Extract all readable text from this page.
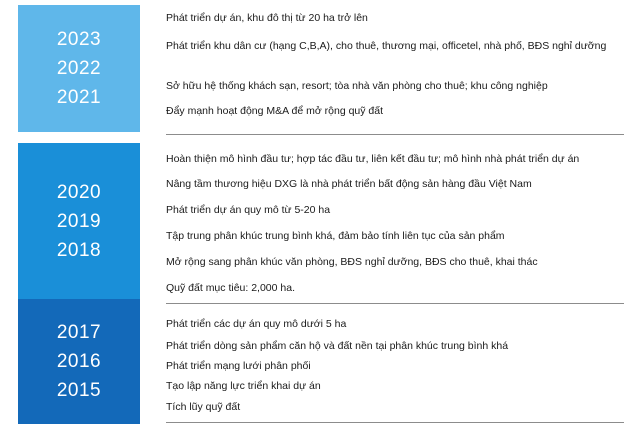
2023
2022
2021
Phát triển dự án, khu đô thị từ 20 ha trở lên
Phát triển khu dân cư (hạng C,B,A), cho thuê, thương mại, officetel, nhà phố, BĐS nghỉ dưỡng
Sở hữu hệ thống khách sạn, resort; tòa nhà văn phòng cho thuê; khu công nghiệp
Đẩy mạnh hoạt động M&A để mở rộng quỹ đất
2020
2019
2018
Hoàn thiện mô hình đầu tư; hợp tác đầu tư, liên kết đầu tư; mô hình nhà phát triển dự án
Nâng tầm thương hiệu DXG là nhà phát triển bất động sản hàng đầu Việt Nam
Phát triển dự án quy mô từ 5-20 ha
Tập trung phân khúc trung bình khá, đảm bảo tính liên tục của sản phẩm
Mở rộng sang phân khúc văn phòng, BĐS nghỉ dưỡng, BĐS cho thuê, khai thác
Quỹ đất mục tiêu: 2,000 ha.
2017
2016
2015
Phát triển các dự án quy mô dưới 5 ha
Phát triển dòng sản phẩm căn hộ và đất nền tại phân khúc trung bình khá
Phát triển mạng lưới phân phối
Tạo lập năng lực triển khai dự án
Tích lũy quỹ đất
